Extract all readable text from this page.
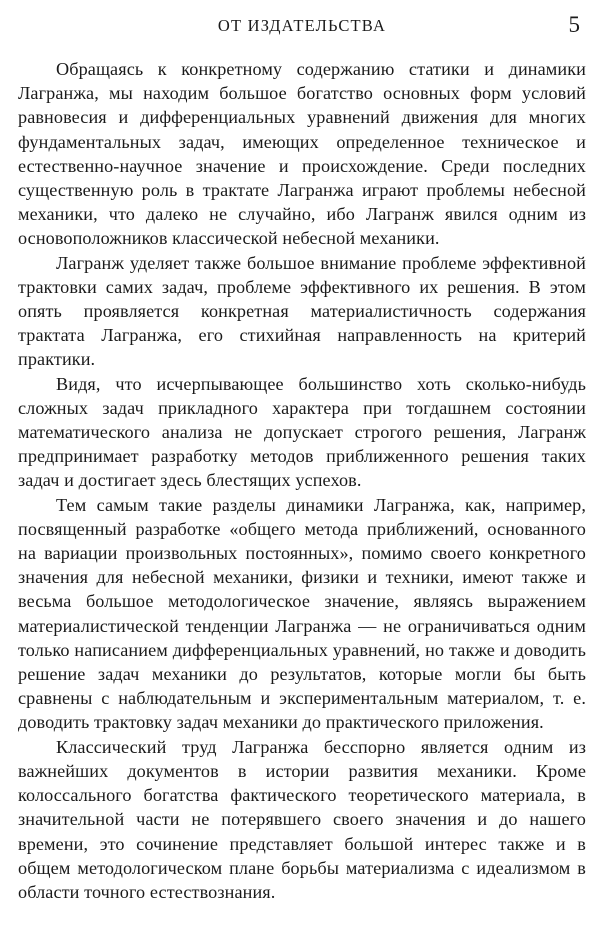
ОТ ИЗДАТЕЛЬСТВА	5

Обращаясь к конкретному содержанию статики и динамики Лагранжа, мы находим большое богатство основных форм условий равновесия и дифференциальных уравнений движения для многих фундаментальных задач, имеющих определенное техническое и естественно-научное значение и происхождение. Среди последних существенную роль в трактате Лагранжа играют проблемы небесной механики, что далеко не случайно, ибо Лагранж явился одним из основоположников классической небесной механики.

Лагранж уделяет также большое внимание проблеме эффективной трактовки самих задач, проблеме эффективного их решения. В этом опять проявляется конкретная материалистичность содержания трактата Лагранжа, его стихийная направленность на критерий практики.

Видя, что исчерпывающее большинство хоть сколько-нибудь сложных задач прикладного характера при тогдашнем состоянии математического анализа не допускает строгого решения, Лагранж предпринимает разработку методов приближенного решения таких задач и достигает здесь блестящих успехов.

Тем самым такие разделы динамики Лагранжа, как, например, посвященный разработке «общего метода приближений, основанного на вариации произвольных постоянных», помимо своего конкретного значения для небесной механики, физики и техники, имеют также и весьма большое методологическое значение, являясь выражением материалистической тенденции Лагранжа — не ограничиваться одним только написанием дифференциальных уравнений, но также и доводить решение задач механики до результатов, которые могли бы быть сравнены с наблюдательным и экспериментальным материалом, т. е. доводить трактовку задач механики до практического приложения.

Классический труд Лагранжа бесспорно является одним из важнейших документов в истории развития механики. Кроме колоссального богатства фактического теоретического материала, в значительной части не потерявшего своего значения и до нашего времени, это сочинение представляет большой интерес также и в общем методологическом плане борьбы материализма с идеализмом в области точного естествознания.
